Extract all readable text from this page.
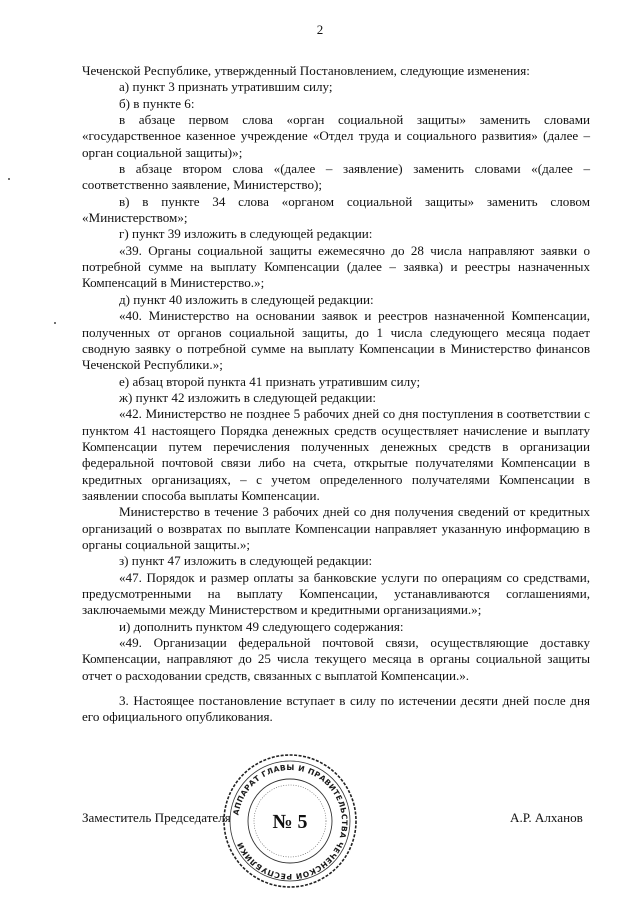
2

Чеченской Республике, утвержденный Постановлением, следующие изменения:

а) пункт 3 признать утратившим силу;

б) в пункте 6:

в абзаце первом слова «орган социальной защиты» заменить словами «государственное казенное учреждение «Отдел труда и социального развития» (далее – орган социальной защиты)»;

в абзаце втором слова «(далее – заявление) заменить словами «(далее – соответственно заявление, Министерство);

в) в пункте 34 слова «органом социальной защиты» заменить словом «Министерством»;

г) пункт 39 изложить в следующей редакции:

«39. Органы социальной защиты ежемесячно до 28 числа направляют заявки о потребной сумме на выплату Компенсации (далее – заявка) и реестры назначенных Компенсаций в Министерство.»;

д) пункт 40 изложить в следующей редакции:

«40. Министерство на основании заявок и реестров назначенной Компенсации, полученных от органов социальной защиты, до 1 числа следующего месяца подает сводную заявку о потребной сумме на выплату Компенсации в Министерство финансов Чеченской Республики.»;

е) абзац второй пункта 41 признать утратившим силу;

ж) пункт 42 изложить в следующей редакции:

«42. Министерство не позднее 5 рабочих дней со дня поступления в соответствии с пунктом 41 настоящего Порядка денежных средств осуществляет начисление и выплату Компенсации путем перечисления полученных денежных средств в организации федеральной почтовой связи либо на счета, открытые получателями Компенсации в кредитных организациях, – с учетом определенного получателями Компенсации в заявлении способа выплаты Компенсации.

Министерство в течение 3 рабочих дней со дня получения сведений от кредитных организаций о возвратах по выплате Компенсации направляет указанную информацию в органы социальной защиты.»;

з) пункт 47 изложить в следующей редакции:

«47. Порядок и размер оплаты за банковские услуги по операциям со средствами, предусмотренными на выплату Компенсации, устанавливаются соглашениями, заключаемыми между Министерством и кредитными организациями.»;

и) дополнить пунктом 49 следующего содержания:

«49. Организации федеральной почтовой связи, осуществляющие доставку Компенсации, направляют до 25 числа текущего месяца в органы социальной защиты отчет о расходовании средств, связанных с выплатой Компенсации.».

3. Настоящее постановление вступает в силу по истечении десяти дней после дня его официального опубликования.

Заместитель Председателя	А.Р. Алханов
АППАРАТ ГЛАВЫ И ПРАВИТЕЛЬСТВА ЧЕЧЕНСКОЙ РЕСПУБЛИКИ
№ 5
